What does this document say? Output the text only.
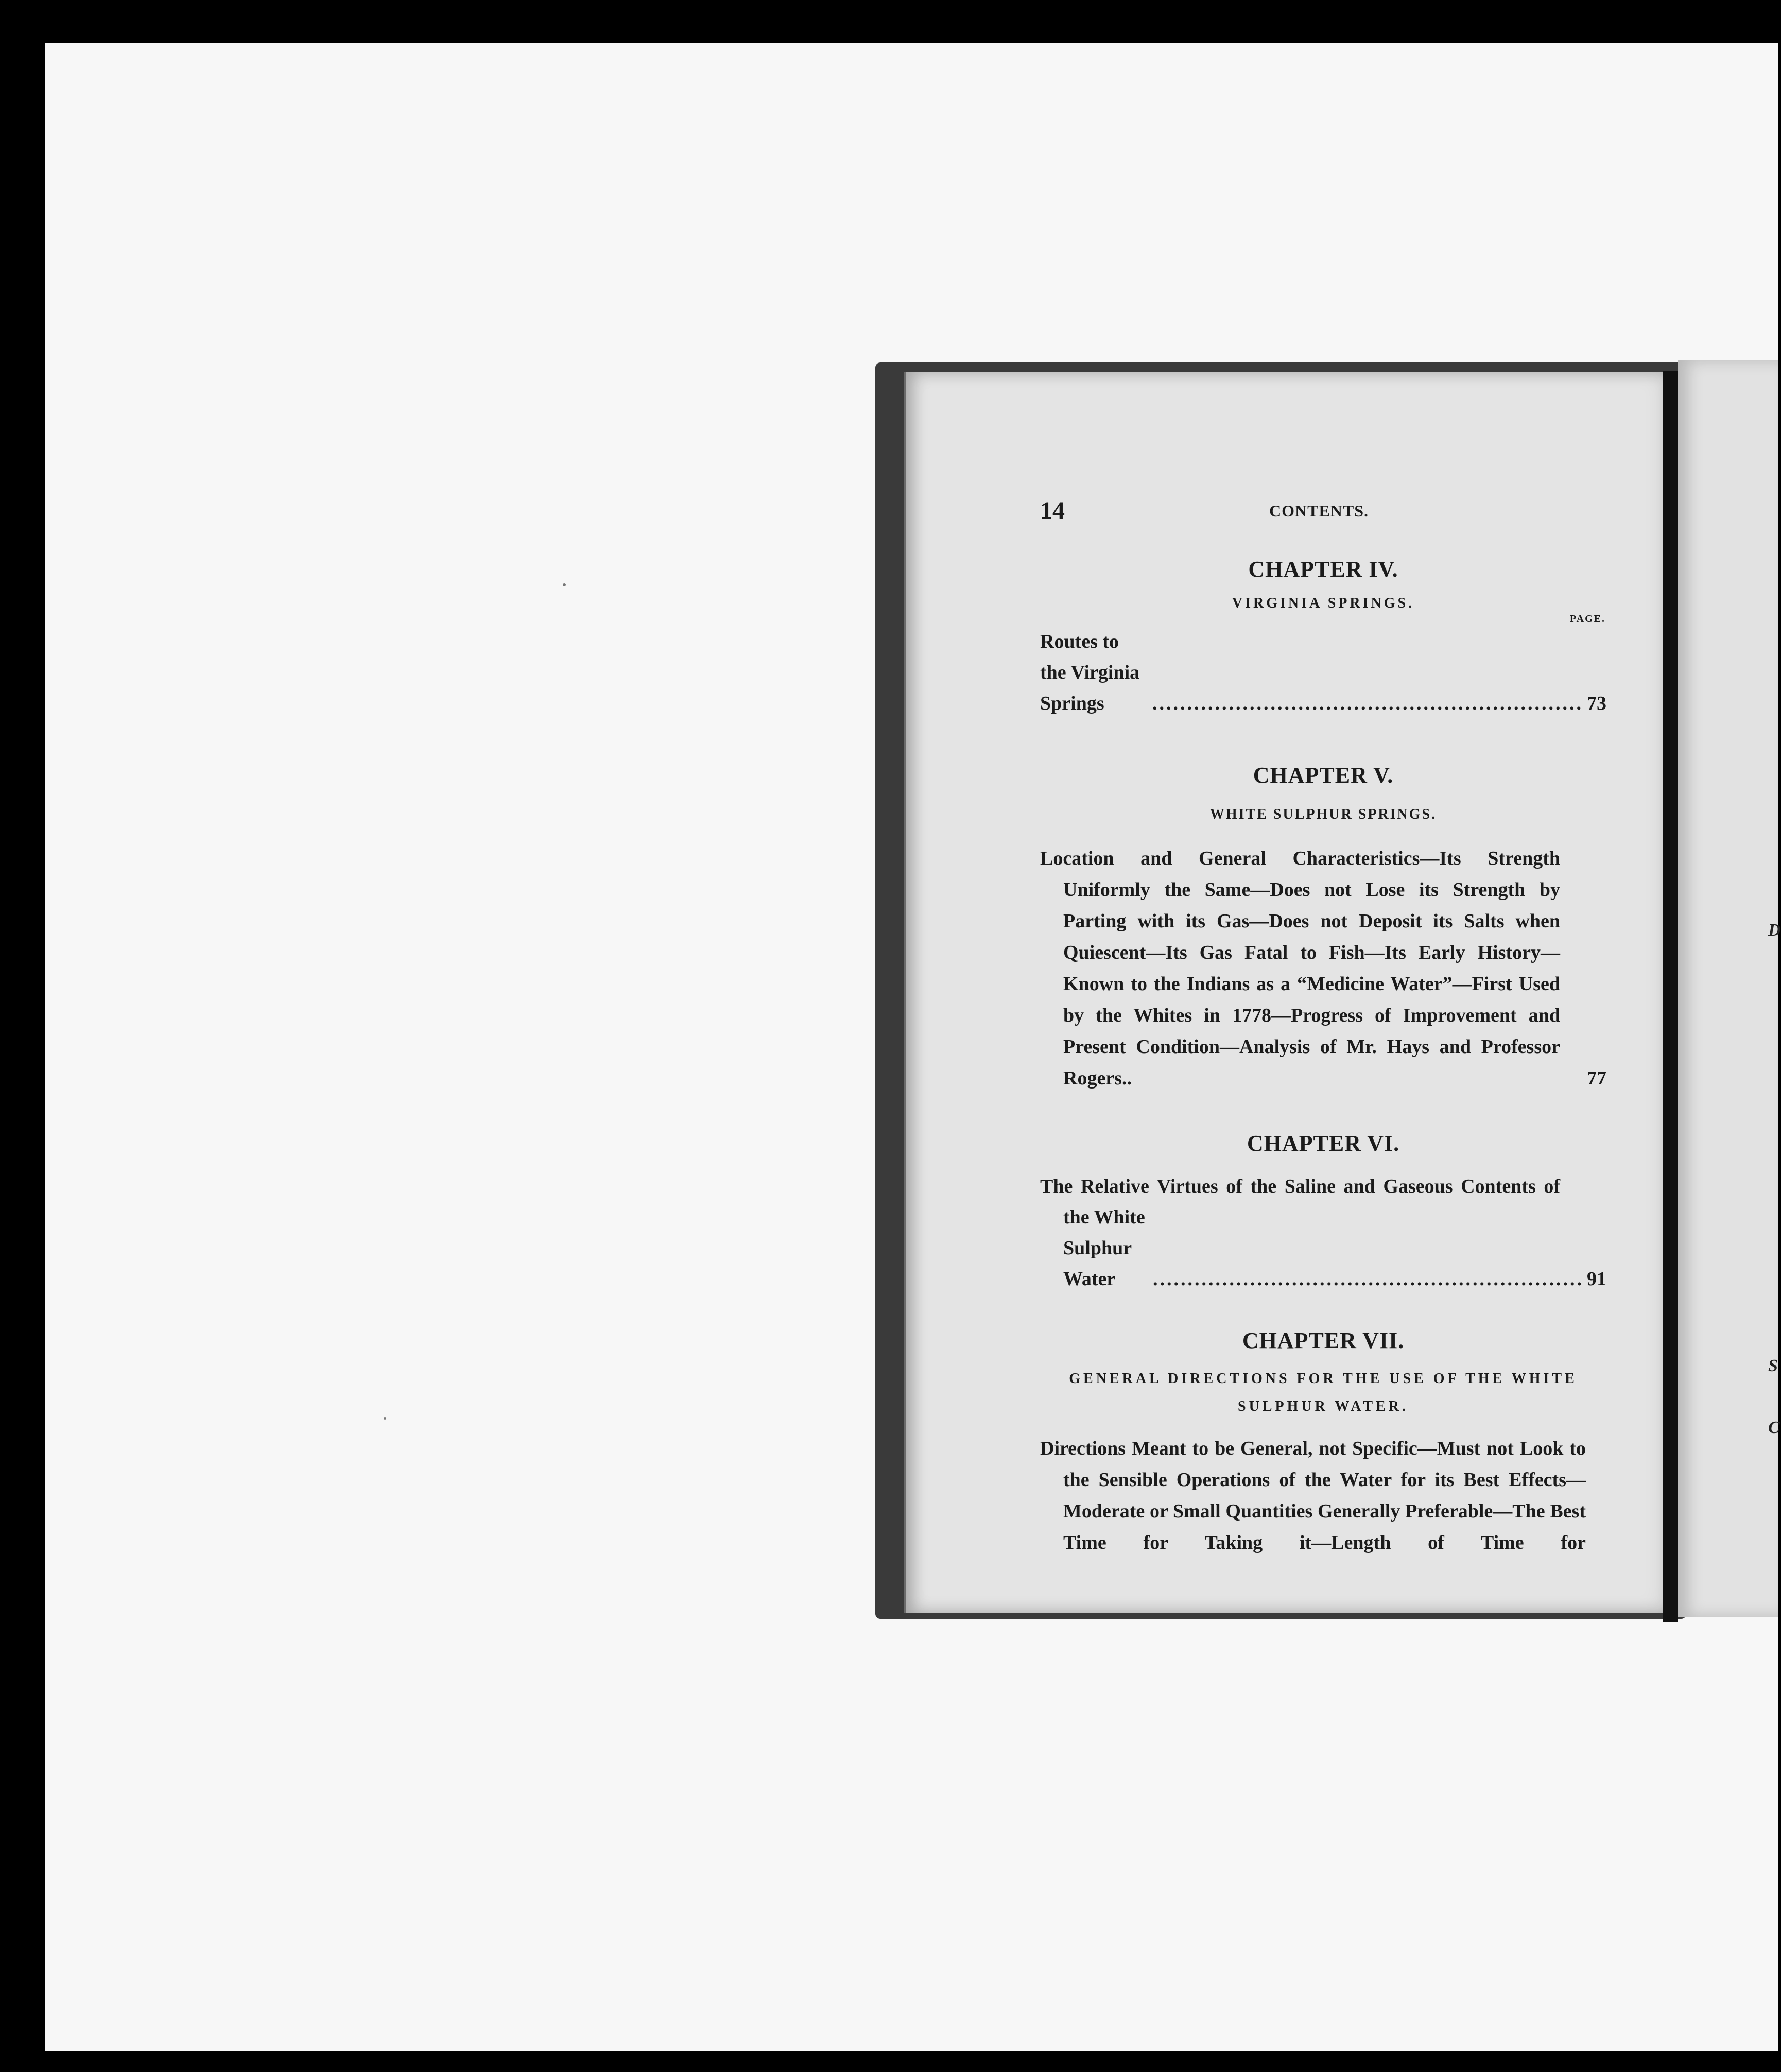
D
S
C
14	CONTENTS.
CHAPTER IV.
VIRGINIA SPRINGS.
PAGE.
Routes to the Virginia Springs	.............................................................. 73
CHAPTER V.
WHITE SULPHUR SPRINGS.
Location and General Characteristics—Its Strength Uniformly the Same—Does not Lose its Strength by Parting with its Gas—Does not Deposit its Salts when Quiescent—Its Gas Fatal to Fish—Its Early History—Known to the Indians as a “Medicine Water”—First Used by the Whites in 1778—Progress of Improvement and Present Condition—Analysis of Mr. Hays and Professor Rogers..	77
CHAPTER VI.
The Relative Virtues of the Saline and Gaseous Contents of
the White Sulphur Water	.............................................................. 91
CHAPTER VII.
GENERAL DIRECTIONS FOR THE USE OF THE WHITE SULPHUR WATER.
Directions Meant to be General, not Specific—Must not Look to the Sensible Operations of the Water for its Best Effects—Moderate or Small Quantities Generally Preferable—The Best Time for Taking it—Length of Time for
